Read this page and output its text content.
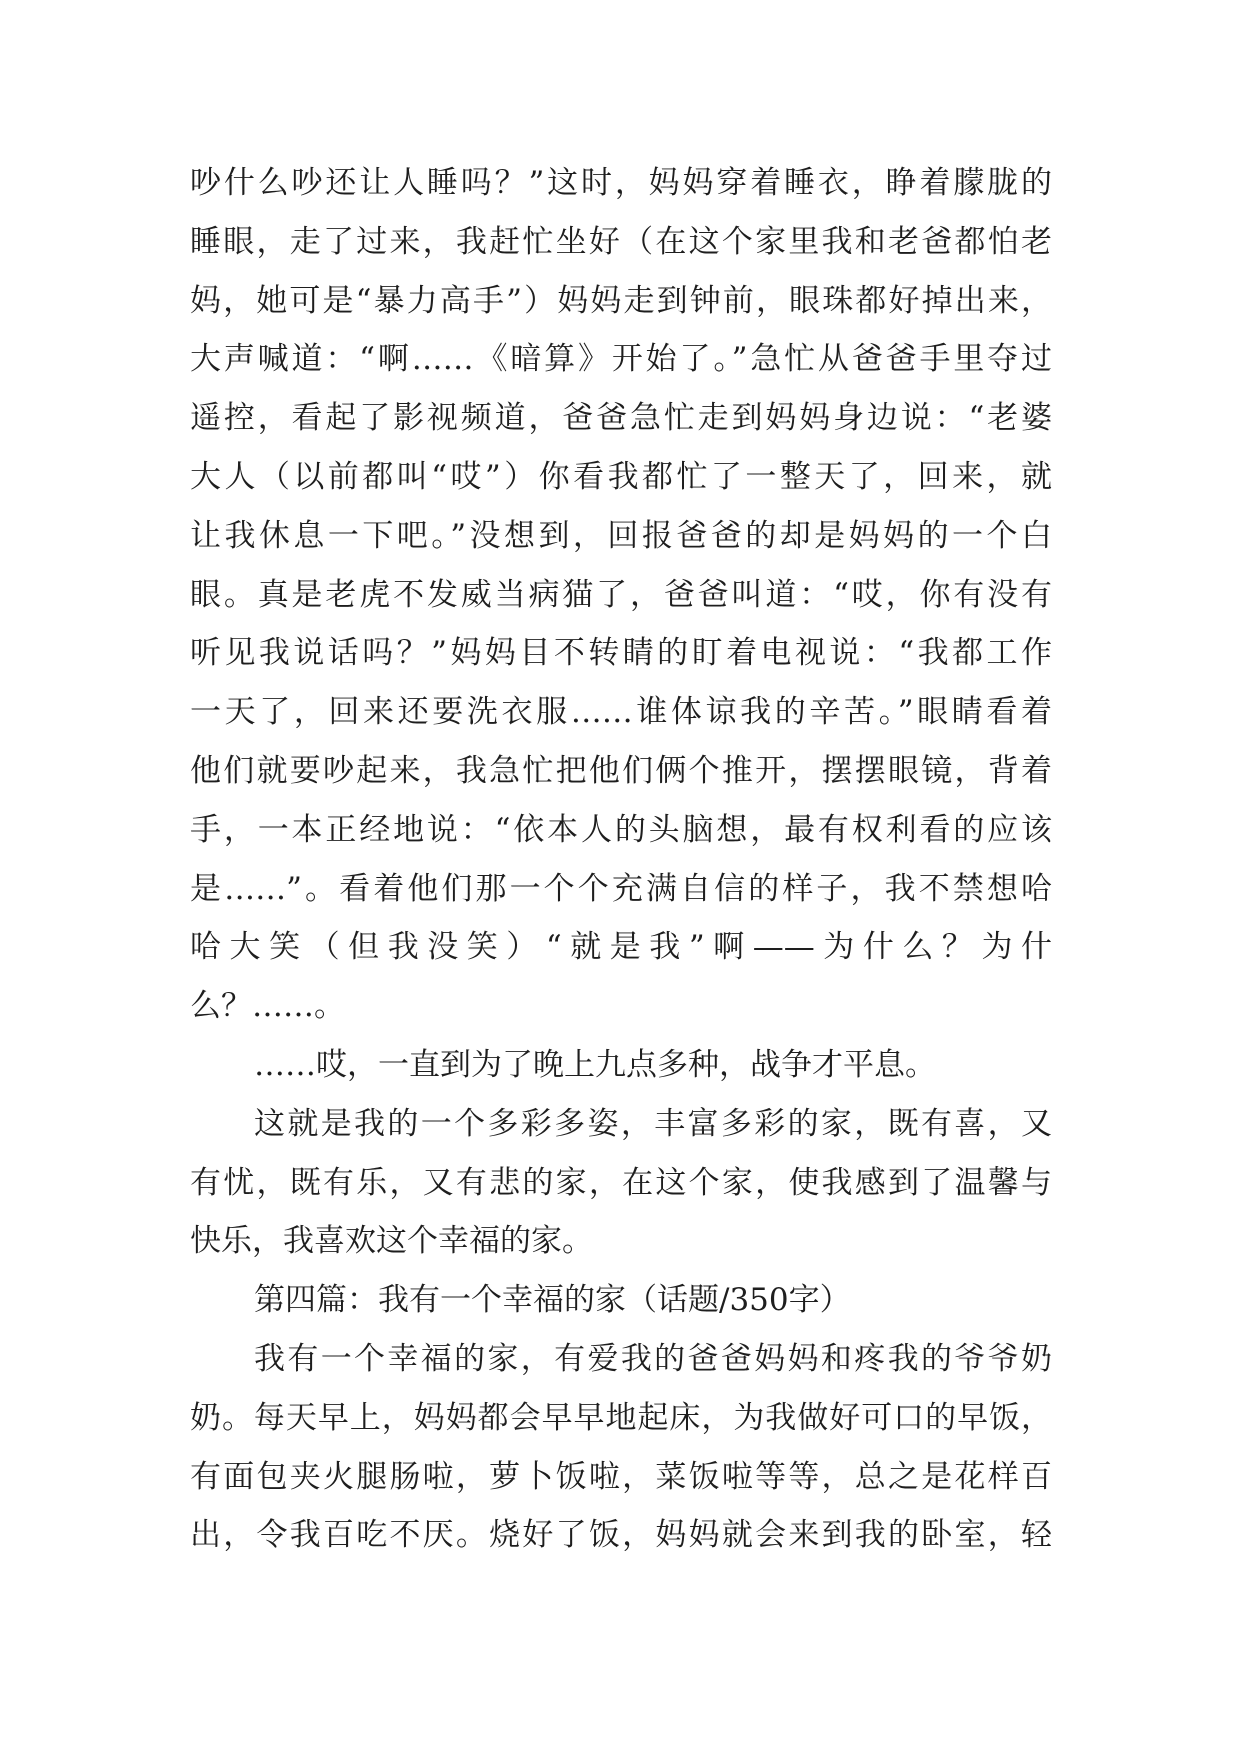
吵什么吵还让人睡吗？”这时，妈妈穿着睡衣，睁着朦胧的
睡眼，走了过来，我赶忙坐好（在这个家里我和老爸都怕老
妈，她可是“暴力高手”）妈妈走到钟前，眼珠都好掉出来，
大声喊道：“啊……《暗算》开始了。”急忙从爸爸手里夺过
遥控，看起了影视频道，爸爸急忙走到妈妈身边说：“老婆
大人（以前都叫“哎”）你看我都忙了一整天了，回来，就
让我休息一下吧。”没想到，回报爸爸的却是妈妈的一个白
眼。真是老虎不发威当病猫了，爸爸叫道：“哎，你有没有
听见我说话吗？”妈妈目不转睛的盯着电视说：“我都工作
一天了，回来还要洗衣服……谁体谅我的辛苦。”眼睛看着
他们就要吵起来，我急忙把他们俩个推开，摆摆眼镜，背着
手，一本正经地说：“依本人的头脑想，最有权利看的应该
是……”。看着他们那一个个充满自信的样子，我不禁想哈
哈大笑（但我没笑）“就是我”啊——为什么？为什
么？……。
……哎，一直到为了晚上九点多种，战争才平息。
这就是我的一个多彩多姿，丰富多彩的家，既有喜，又
有忧，既有乐，又有悲的家，在这个家，使我感到了温馨与
快乐，我喜欢这个幸福的家。
第四篇：我有一个幸福的家（话题/350字）
我有一个幸福的家，有爱我的爸爸妈妈和疼我的爷爷奶
奶。每天早上，妈妈都会早早地起床，为我做好可口的早饭，
有面包夹火腿肠啦，萝卜饭啦，菜饭啦等等，总之是花样百
出，令我百吃不厌。烧好了饭，妈妈就会来到我的卧室，轻
